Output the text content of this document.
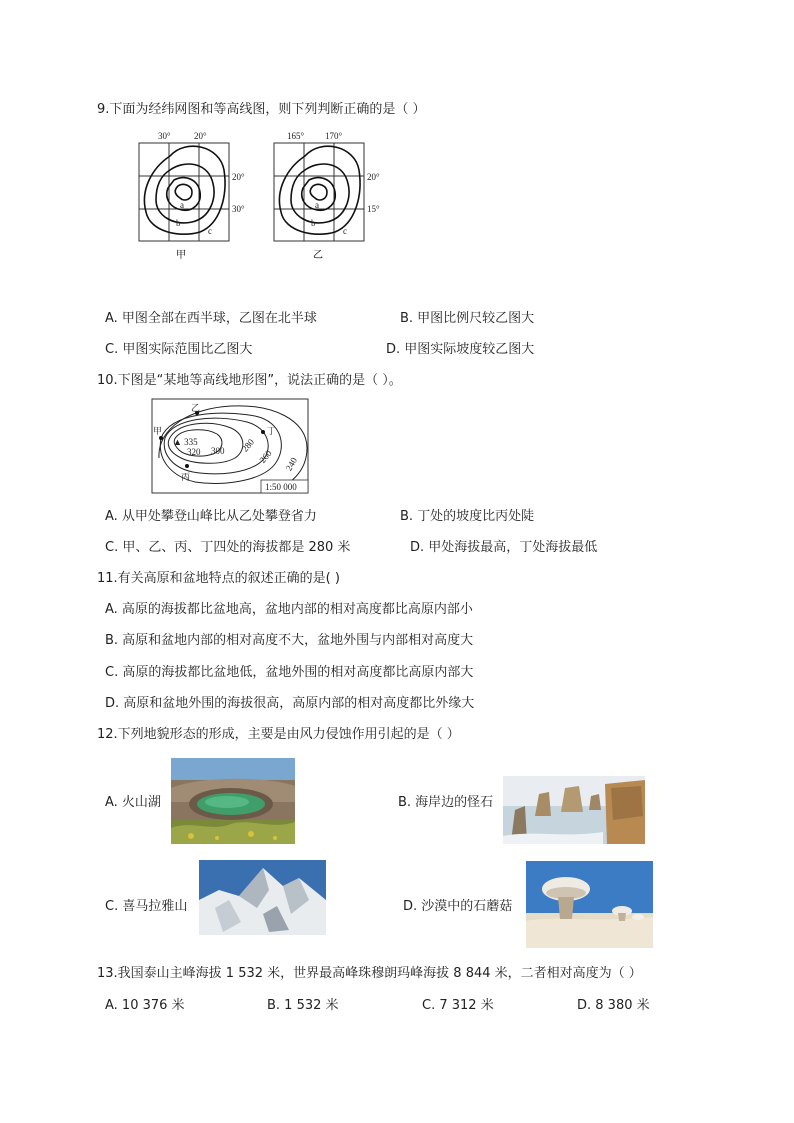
9.下面为经纬网图和等高线图，则下列判断正确的是（ ）
30°	20°
20°
30°
a
b
c
甲
165° 170°
20°
15°
a
b
c
乙
A. 甲图全部在西半球，乙图在北半球	B. 甲图比例尺较乙图大
C. 甲图实际范围比乙图大	D. 甲图实际坡度较乙图大
10.下图是“某地等高线地形图”，说法正确的是（ ）。
甲
乙
丙
丁
▲ 335
320 300 280
260 240
1:50 000
A. 从甲处攀登山峰比从乙处攀登省力	B. 丁处的坡度比丙处陡
C. 甲、乙、丙、丁四处的海拔都是 280 米	D. 甲处海拔最高，丁处海拔最低
11.有关高原和盆地特点的叙述正确的是( )
A. 高原的海拔都比盆地高，盆地内部的相对高度都比高原内部小
B. 高原和盆地内部的相对高度不大，盆地外围与内部相对高度大
C. 高原的海拔都比盆地低，盆地外围的相对高度都比高原内部大
D. 高原和盆地外围的海拔很高，高原内部的相对高度都比外缘大
12.下列地貌形态的形成，主要是由风力侵蚀作用引起的是（ ）
A. 火山湖	B. 海岸边的怪石
C. 喜马拉雅山	D. 沙漠中的石蘑菇
13.我国泰山主峰海拔 1 532 米，世界最高峰珠穆朗玛峰海拔 8 844 米，二者相对高度为（ ）
A. 10 376 米	B. 1 532 米	C. 7 312 米	D. 8 380 米
